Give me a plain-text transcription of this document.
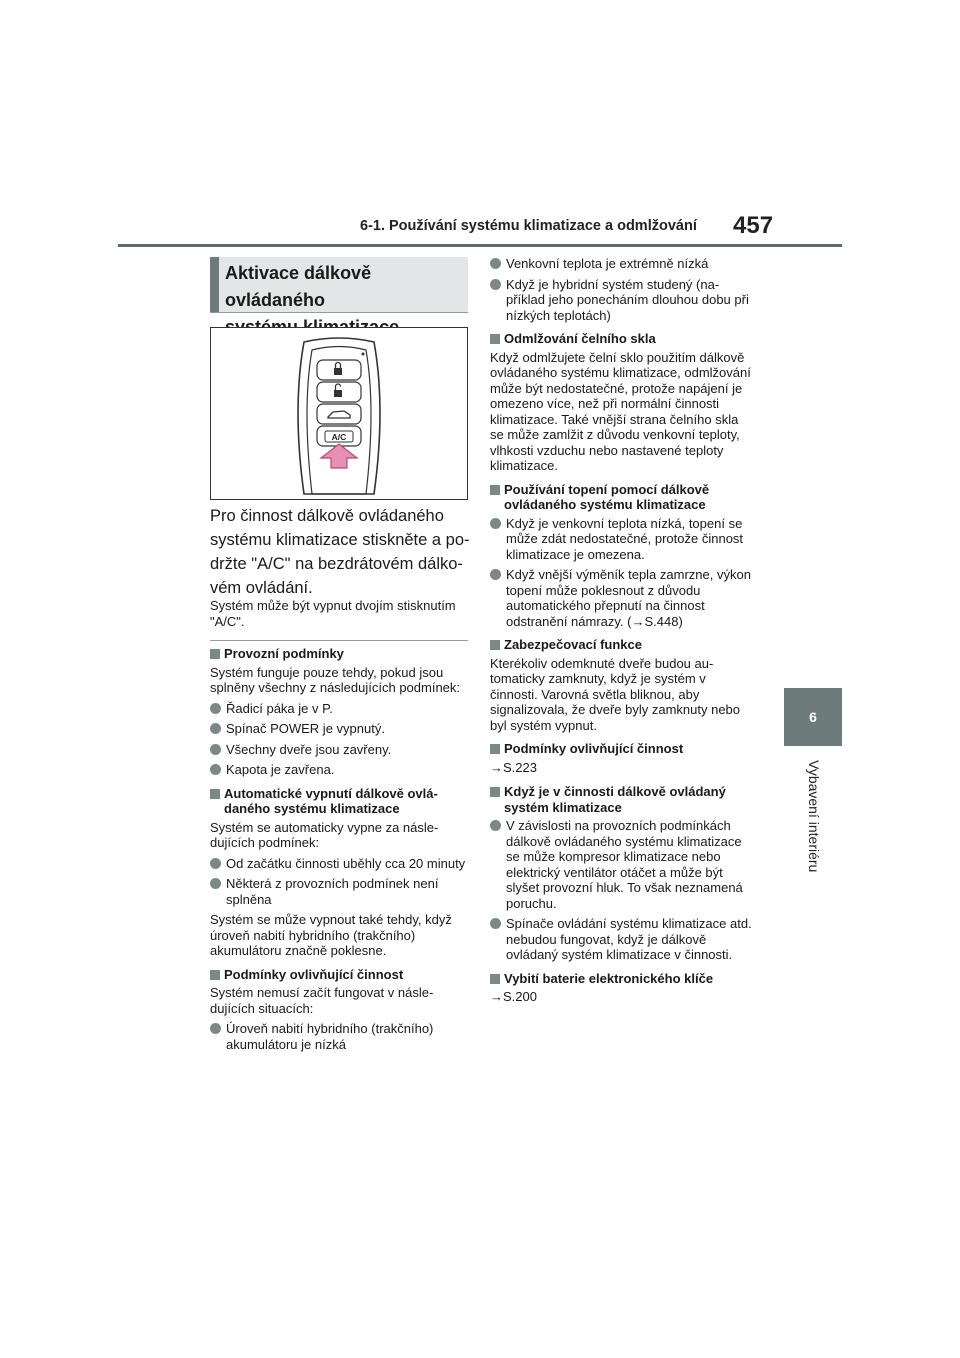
6-1. Používání systému klimatizace a odmlžování 457
6
Vybavení interiéru
Aktivace dálkově ovládaného
A/C
Pro činnost dálkově ovládaného systému klimatizace stiskněte a podržte "A/C" na bezdrátovém dálkovém ovládání.
Systém může být vypnut dvojím stisknutím "A/C".
Provozní podmínky
Systém funguje pouze tehdy, pokud jsou splněny všechny z následujících podmínek:
Řadicí páka je v P.
Spínač POWER je vypnutý.
Všechny dveře jsou zavřeny.
Kapota je zavřena.
Automatické vypnutí dálkově ovládaného systému klimatizace
Systém se automaticky vypne za následujících podmínek:
Od začátku činnosti uběhly cca 20 minuty
Některá z provozních podmínek není splněna
Systém se může vypnout také tehdy, když úroveň nabití hybridního (trakčního) akumulátoru značně poklesne.
Podmínky ovlivňující činnost
Systém nemusí začít fungovat v následujících situacích:
Úroveň nabití hybridního (trakčního) akumulátoru je nízká
Venkovní teplota je extrémně nízká
Když je hybridní systém studený (například jeho ponecháním dlouhou dobu při nízkých teplotách)
Odmlžování čelního skla
Když odmlžujete čelní sklo použitím dálkově ovládaného systému klimatizace, odmlžování může být nedostatečné, protože napájení je omezeno více, než při normální činnosti klimatizace. Také vnější strana čelního skla se může zamlžit z důvodu venkovní teploty, vlhkosti vzduchu nebo nastavené teploty klimatizace.
Používání topení pomocí dálkově ovládaného systému klimatizace
Když je venkovní teplota nízká, topení se může zdát nedostatečné, protože činnost klimatizace je omezena.
Když vnější výměník tepla zamrzne, výkon topení může poklesnout z důvodu automatického přepnutí na činnost odstranění námrazy. (→S.448)
Zabezpečovací funkce
Kterékoliv odemknuté dveře budou automaticky zamknuty, když je systém v činnosti. Varovná světla bliknou, aby signalizovala, že dveře byly zamknuty nebo byl systém vypnut.
Podmínky ovlivňující činnost
→S.223
Když je v činnosti dálkově ovládaný systém klimatizace
V závislosti na provozních podmínkách dálkově ovládaného systému klimatizace se může kompresor klimatizace nebo elektrický ventilátor otáčet a může být slyšet provozní hluk. To však neznamená poruchu.
Spínače ovládání systému klimatizace atd. nebudou fungovat, když je dálkově ovládaný systém klimatizace v činnosti.
Vybití baterie elektronického klíče
→S.200
